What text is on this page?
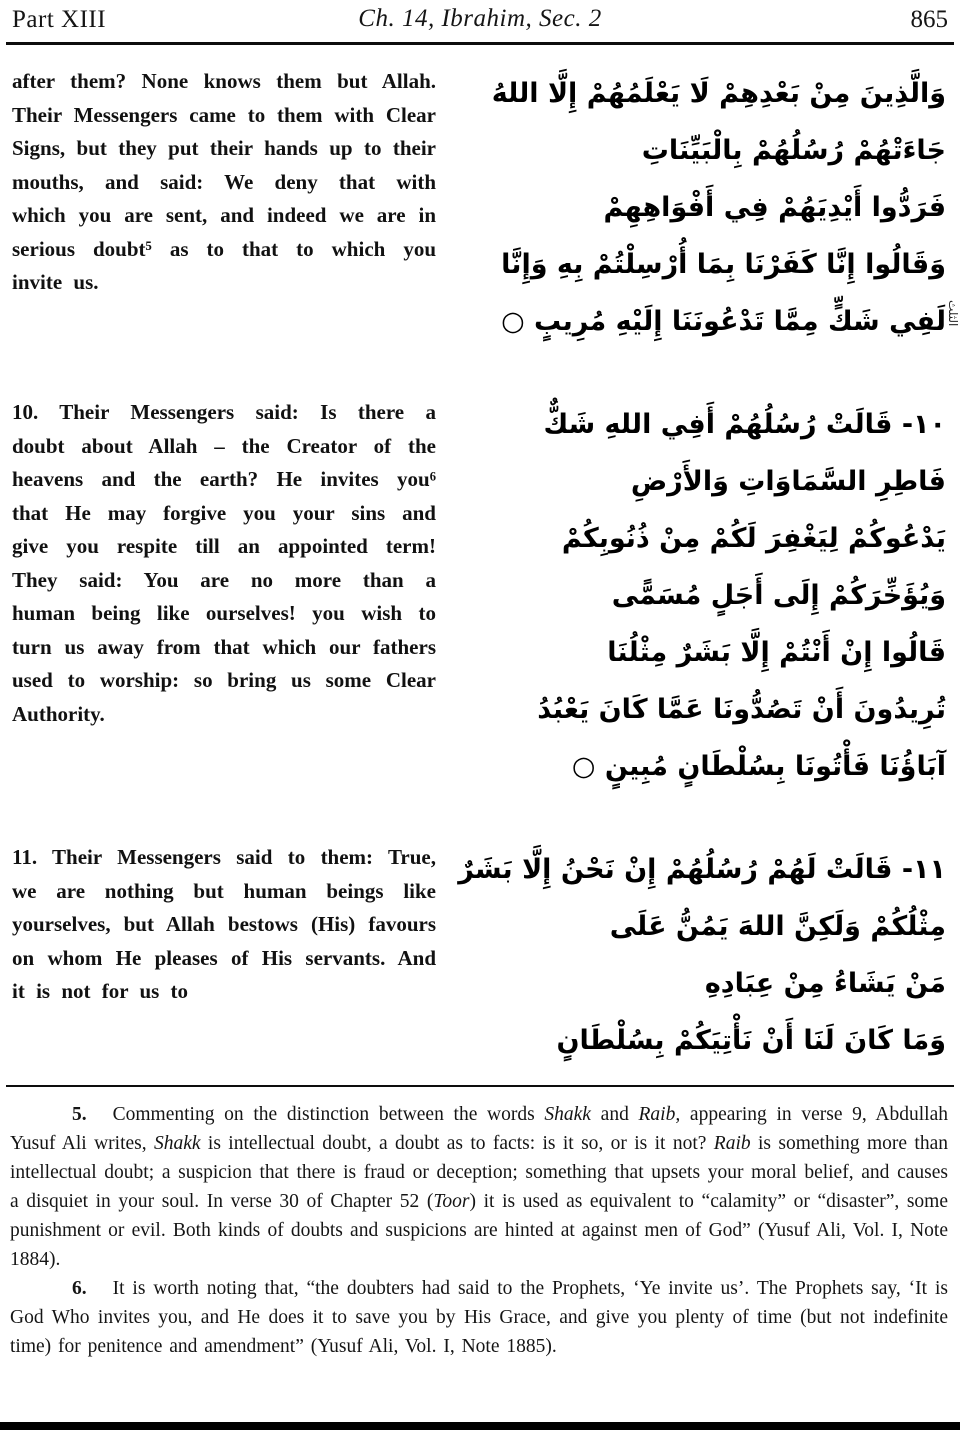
Part XIII	Ch. 14, Ibrahim, Sec. 2	865

after them? None knows them but Allah. Their Messengers came to them with Clear Signs, but they put their hands up to their mouths, and said: We deny that with which you are sent, and indeed we are in serious doubt⁵ as to that to which you invite us.

وَالَّذِينَ مِنْ بَعْدِهِمْ لَا يَعْلَمُهُمْ إِلَّا اللهُ
جَاءَتْهُمْ رُسُلُهُمْ بِالْبَيِّنَاتِ
فَرَدُّوا أَيْدِيَهُمْ فِي أَفْوَاهِهِمْ
وَقَالُوا إِنَّا كَفَرْنَا بِمَا أُرْسِلْتُمْ بِهِ وَإِنَّا
لَفِي شَكٍّ مِمَّا تَدْعُونَنَا إِلَيْهِ مُرِيبٍ ○

10. Their Messengers said: Is there a doubt about Allah – the Creator of the heavens and the earth? He invites you⁶ that He may forgive you your sins and give you respite till an appointed term! They said: You are no more than a human being like ourselves! you wish to turn us away from that which our fathers used to worship: so bring us some Clear Authority.

١٠- قَالَتْ رُسُلُهُمْ أَفِي اللهِ شَكٌّ
فَاطِرِ السَّمَاوَاتِ وَالأَرْضِ
يَدْعُوكُمْ لِيَغْفِرَ لَكُمْ مِنْ ذُنُوبِكُمْ
وَيُؤَخِّرَكُمْ إِلَى أَجَلٍ مُسَمًّى
قَالُوا إِنْ أَنْتُمْ إِلَّا بَشَرٌ مِثْلُنَا
تُرِيدُونَ أَنْ تَصُدُّونَا عَمَّا كَانَ يَعْبُدُ
آبَاؤُنَا فَأْتُونَا بِسُلْطَانٍ مُبِينٍ ○

11. Their Messengers said to them: True, we are nothing but human beings like yourselves, but Allah bestows (His) favours on whom He pleases of His servants. And it is not for us to

١١- قَالَتْ لَهُمْ رُسُلُهُمْ إِنْ نَحْنُ إِلَّا بَشَرٌ
مِثْلُكُمْ وَلَكِنَّ اللهَ يَمُنُّ عَلَى
مَنْ يَشَاءُ مِنْ عِبَادِهِ
وَمَا كَانَ لَنَا أَنْ نَأْتِيَكُمْ بِسُلْطَانٍ
الثلث

5. Commenting on the distinction between the words Shakk and Raib, appearing in verse 9, Abdullah Yusuf Ali writes, Shakk is intellectual doubt, a doubt as to facts: is it so, or is it not? Raib is something more than intellectual doubt; a suspicion that there is fraud or deception; something that upsets your moral belief, and causes a disquiet in your soul. In verse 30 of Chapter 52 (Toor) it is used as equivalent to “calamity” or “disaster”, some punishment or evil. Both kinds of doubts and suspicions are hinted at against men of God” (Yusuf Ali, Vol. I, Note 1884).

6. It is worth noting that, “the doubters had said to the Prophets, ‘Ye invite us’. The Prophets say, ‘It is God Who invites you, and He does it to save you by His Grace, and give you plenty of time (but not indefinite time) for penitence and amendment” (Yusuf Ali, Vol. I, Note 1885).
